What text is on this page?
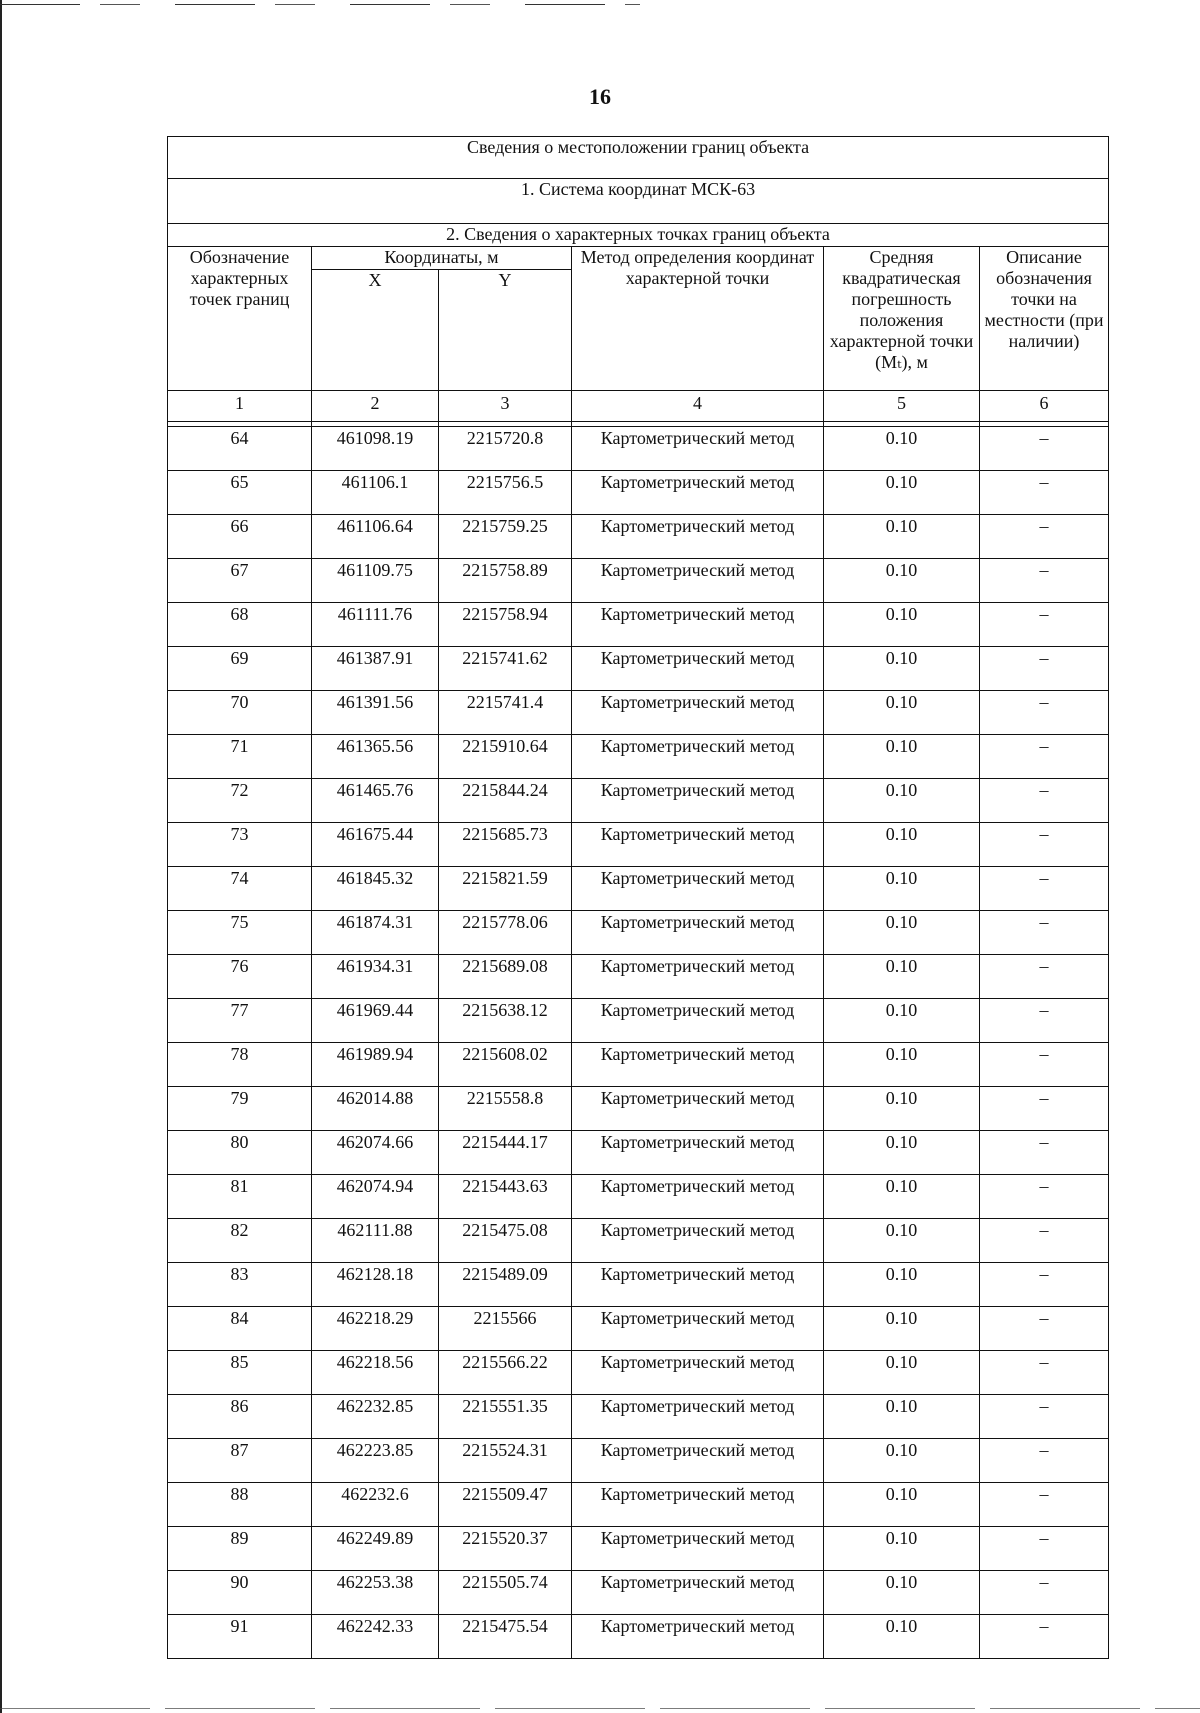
16
Сведения о местоположении границ объекта					
1. Система координат МСК-63					
2. Сведения о характерных точках границ объекта					
Обозначение характерных точек границ	Координаты, м		Метод определения координат характерной точки	Средняя квадратическая погрешность положения характерной точки (Mₜ), м	Описание обозначения точки на местности (при наличии)
	X	Y			
1	2	3	4	5	6

64	461098.19	2215720.8	Картометрический метод	0.10	–
65	461106.1	2215756.5	Картометрический метод	0.10	–
66	461106.64	2215759.25	Картометрический метод	0.10	–
67	461109.75	2215758.89	Картометрический метод	0.10	–
68	461111.76	2215758.94	Картометрический метод	0.10	–
69	461387.91	2215741.62	Картометрический метод	0.10	–
70	461391.56	2215741.4	Картометрический метод	0.10	–
71	461365.56	2215910.64	Картометрический метод	0.10	–
72	461465.76	2215844.24	Картометрический метод	0.10	–
73	461675.44	2215685.73	Картометрический метод	0.10	–
74	461845.32	2215821.59	Картометрический метод	0.10	–
75	461874.31	2215778.06	Картометрический метод	0.10	–
76	461934.31	2215689.08	Картометрический метод	0.10	–
77	461969.44	2215638.12	Картометрический метод	0.10	–
78	461989.94	2215608.02	Картометрический метод	0.10	–
79	462014.88	2215558.8	Картометрический метод	0.10	–
80	462074.66	2215444.17	Картометрический метод	0.10	–
81	462074.94	2215443.63	Картометрический метод	0.10	–
82	462111.88	2215475.08	Картометрический метод	0.10	–
83	462128.18	2215489.09	Картометрический метод	0.10	–
84	462218.29	2215566	Картометрический метод	0.10	–
85	462218.56	2215566.22	Картометрический метод	0.10	–
86	462232.85	2215551.35	Картометрический метод	0.10	–
87	462223.85	2215524.31	Картометрический метод	0.10	–
88	462232.6	2215509.47	Картометрический метод	0.10	–
89	462249.89	2215520.37	Картометрический метод	0.10	–
90	462253.38	2215505.74	Картометрический метод	0.10	–
91	462242.33	2215475.54	Картометрический метод	0.10	–
